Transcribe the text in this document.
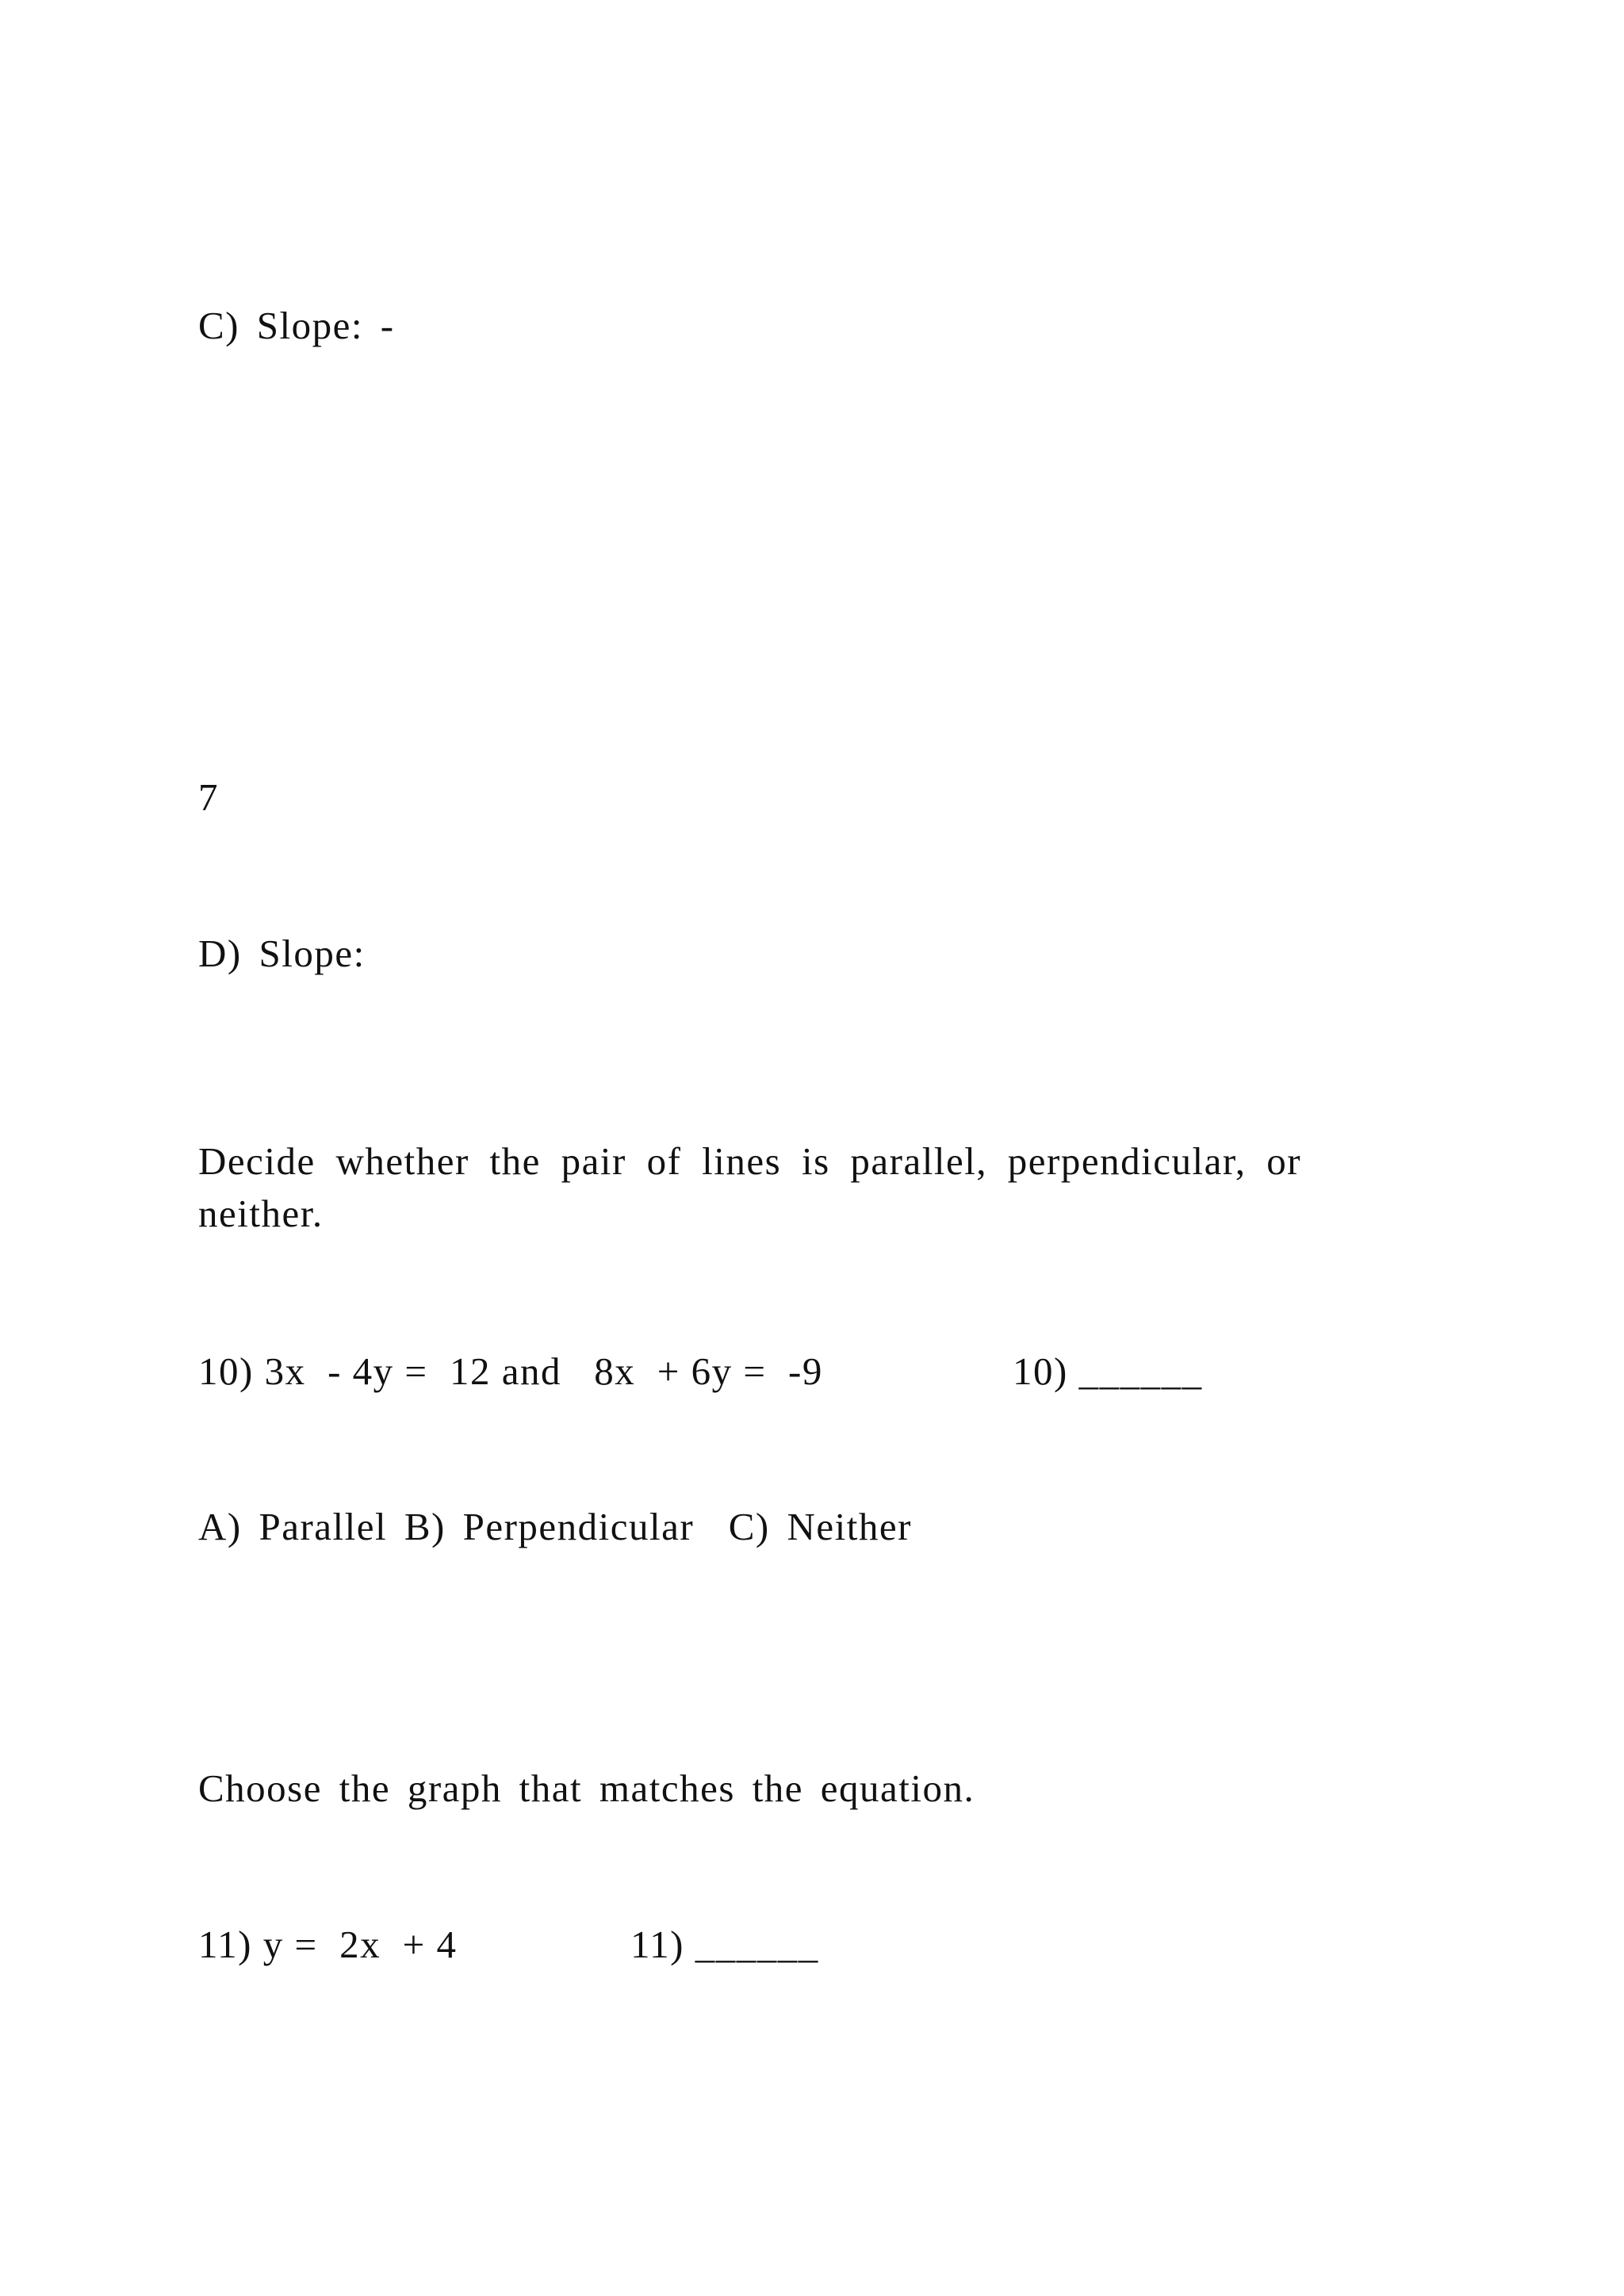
C) Slope: -
7
D) Slope:
Decide whether the pair of lines is parallel, perpendicular, or neither.
10) 3x  - 4y =  12 and   8x  + 6y =  -9	10) ______
A) Parallel B) Perpendicular  C) Neither
Choose the graph that matches the equation.
11) y =  2x  + 4	11) ______
